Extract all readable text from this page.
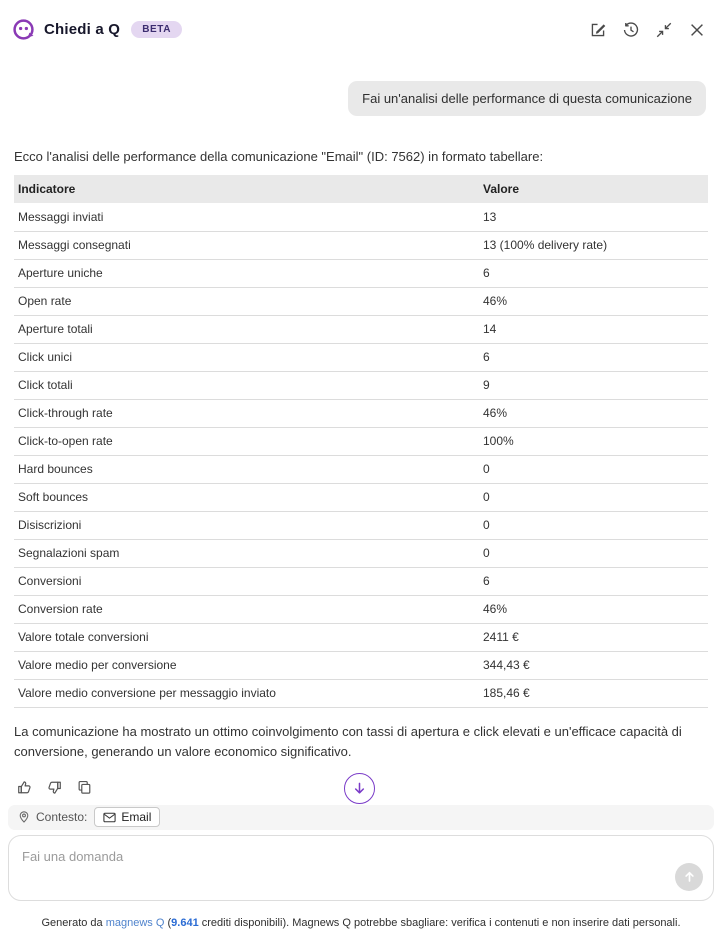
Chiedi a Q	BETA
Fai un'analisi delle performance di questa comunicazione
Ecco l'analisi delle performance della comunicazione "Email" (ID: 7562) in formato tabellare:
Indicatore	Valore
Messaggi inviati	13
Messaggi consegnati	13 (100% delivery rate)
Aperture uniche	6
Open rate	46%
Aperture totali	14
Click unici	6
Click totali	9
Click-through rate	46%
Click-to-open rate	100%
Hard bounces	0
Soft bounces	0
Disiscrizioni	0
Segnalazioni spam	0
Conversioni	6
Conversion rate	46%
Valore totale conversioni	2411 €
Valore medio per conversione	344,43 €
Valore medio conversione per messaggio inviato	185,46 €
La comunicazione ha mostrato un ottimo coinvolgimento con tassi di apertura e click elevati e un'efficace capacità di conversione, generando un valore economico significativo.
Contesto:	Email
Fai una domanda
Generato da magnews Q (9.641 crediti disponibili). Magnews Q potrebbe sbagliare: verifica i contenuti e non inserire dati personali.
